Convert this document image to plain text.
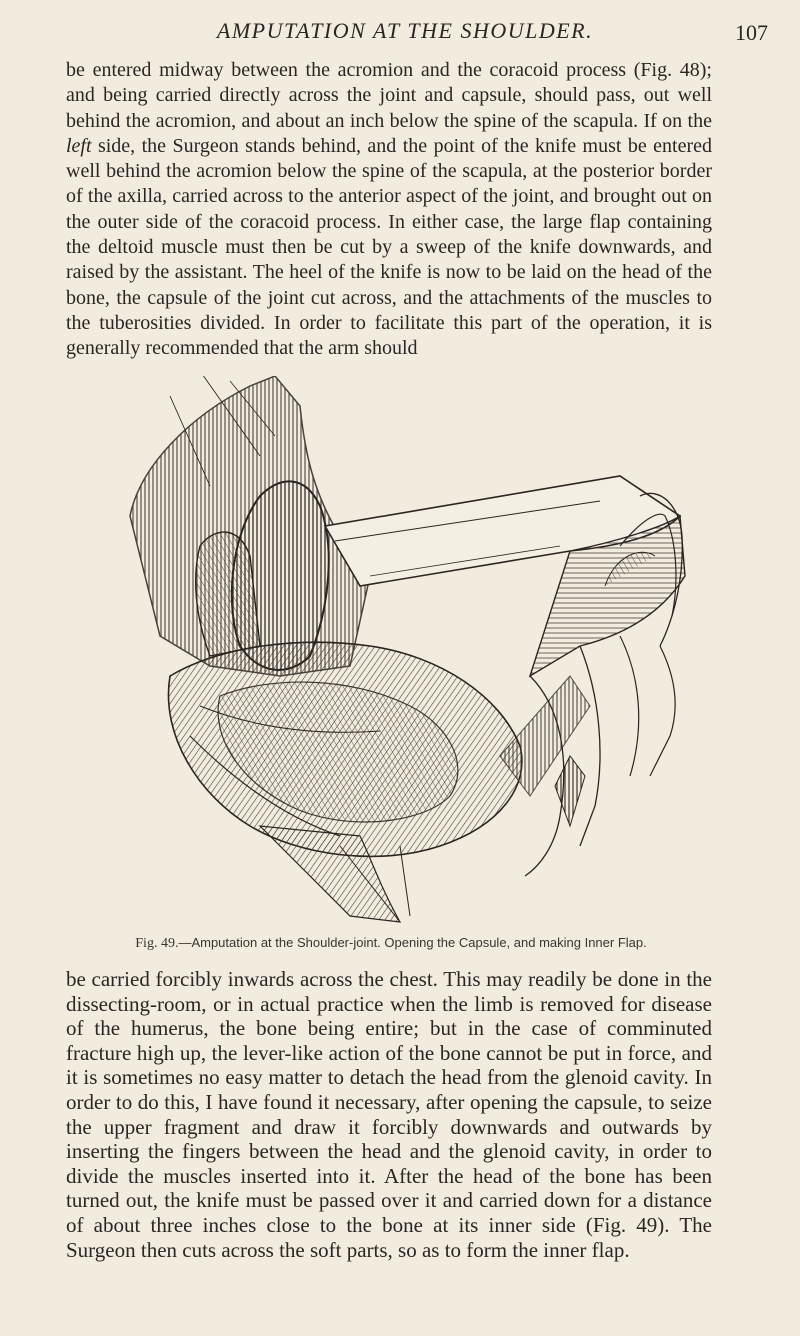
AMPUTATION AT THE SHOULDER.	107

be entered midway between the acromion and the coracoid process (Fig. 48); and being carried directly across the joint and capsule, should pass, out well behind the acromion, and about an inch below the spine of the scapula. If on the left side, the Surgeon stands behind, and the point of the knife must be entered well behind the acromion below the spine of the scapula, at the posterior border of the axilla, carried across to the anterior aspect of the joint, and brought out on the outer side of the coracoid process. In either case, the large flap containing the deltoid muscle must then be cut by a sweep of the knife downwards, and raised by the assistant. The heel of the knife is now to be laid on the head of the bone, the capsule of the joint cut across, and the attachments of the muscles to the tuberosities divided. In order to facilitate this part of the operation, it is generally recommended that the arm should

Fig. 49.—Amputation at the Shoulder-joint. Opening the Capsule, and making Inner Flap.

be carried forcibly inwards across the chest. This may readily be done in the dissecting-room, or in actual practice when the limb is removed for disease of the humerus, the bone being entire; but in the case of comminuted fracture high up, the lever-like action of the bone cannot be put in force, and it is sometimes no easy matter to detach the head from the glenoid cavity. In order to do this, I have found it necessary, after opening the capsule, to seize the upper fragment and draw it forcibly downwards and outwards by inserting the fingers between the head and the glenoid cavity, in order to divide the muscles inserted into it. After the head of the bone has been turned out, the knife must be passed over it and carried down for a distance of about three inches close to the bone at its inner side (Fig. 49). The Surgeon then cuts across the soft parts, so as to form the inner flap.
